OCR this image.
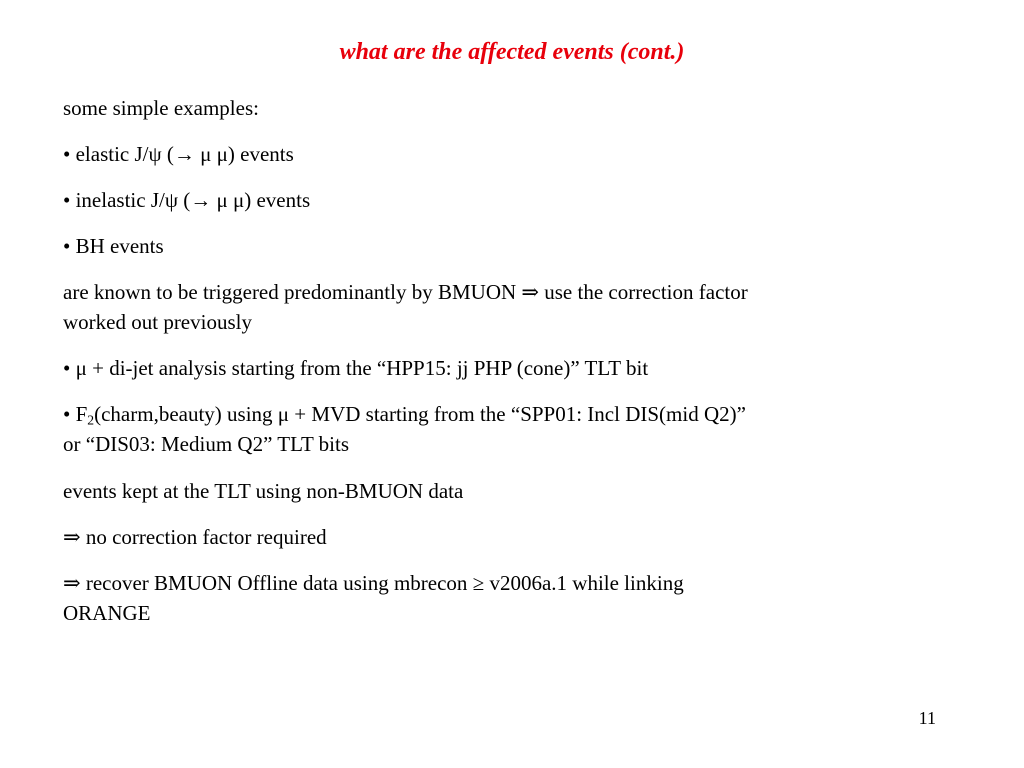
what are the affected events (cont.)
some simple examples:
• elastic J/ψ (→ μ μ) events
• inelastic J/ψ (→ μ μ) events
• BH events
are known to be triggered predominantly by BMUON ⇒ use the correction factor
worked out previously
• μ + di-jet analysis starting from the “HPP15: jj PHP (cone)” TLT bit
• $F_2(charm,beauty)$ using μ + MVD starting from the “SPP01: Incl DIS(mid Q2)”
or “DIS03: Medium Q2” TLT bits
events kept at the TLT using non-BMUON data
⇒ no correction factor required
⇒ recover BMUON Offline data using mbrecon ≥ v2006a.1 while linking
ORANGE
11
